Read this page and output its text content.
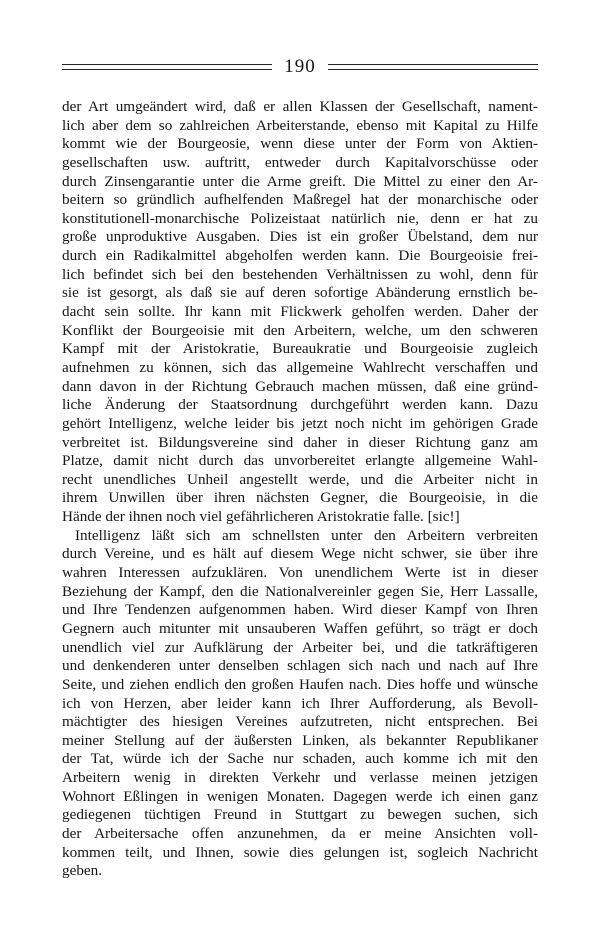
190
der Art umgeändert wird, daß er allen Klassen der Gesellschaft, nament-
lich aber dem so zahlreichen Arbeiterstande, ebenso mit Kapital zu Hilfe
kommt wie der Bourgeosie, wenn diese unter der Form von Aktien-
gesellschaften usw. auftritt, entweder durch Kapitalvorschüsse oder
durch Zinsengarantie unter die Arme greift. Die Mittel zu einer den Ar-
beitern so gründlich aufhelfenden Maßregel hat der monarchische oder
konstitutionell-monarchische Polizeistaat natürlich nie, denn er hat zu
große unproduktive Ausgaben. Dies ist ein großer Übelstand, dem nur
durch ein Radikalmittel abgeholfen werden kann. Die Bourgeoisie frei-
lich befindet sich bei den bestehenden Verhältnissen zu wohl, denn für
sie ist gesorgt, als daß sie auf deren sofortige Abänderung ernstlich be-
dacht sein sollte. Ihr kann mit Flickwerk geholfen werden. Daher der
Konflikt der Bourgeoisie mit den Arbeitern, welche, um den schweren
Kampf mit der Aristokratie, Bureaukratie und Bourgeoisie zugleich
aufnehmen zu können, sich das allgemeine Wahlrecht verschaffen und
dann davon in der Richtung Gebrauch machen müssen, daß eine gründ-
liche Änderung der Staatsordnung durchgeführt werden kann. Dazu
gehört Intelligenz, welche leider bis jetzt noch nicht im gehörigen Grade
verbreitet ist. Bildungsvereine sind daher in dieser Richtung ganz am
Platze, damit nicht durch das unvorbereitet erlangte allgemeine Wahl-
recht unendliches Unheil angestellt werde, und die Arbeiter nicht in
ihrem Unwillen über ihren nächsten Gegner, die Bourgeoisie, in die
Hände der ihnen noch viel gefährlicheren Aristokratie falle. [sic!]
Intelligenz läßt sich am schnellsten unter den Arbeitern verbreiten
durch Vereine, und es hält auf diesem Wege nicht schwer, sie über ihre
wahren Interessen aufzuklären. Von unendlichem Werte ist in dieser
Beziehung der Kampf, den die Nationalvereinler gegen Sie, Herr Lassalle,
und Ihre Tendenzen aufgenommen haben. Wird dieser Kampf von Ihren
Gegnern auch mitunter mit unsauberen Waffen geführt, so trägt er doch
unendlich viel zur Aufklärung der Arbeiter bei, und die tatkräftigeren
und denkenderen unter denselben schlagen sich nach und nach auf Ihre
Seite, und ziehen endlich den großen Haufen nach. Dies hoffe und wünsche
ich von Herzen, aber leider kann ich Ihrer Aufforderung, als Bevoll-
mächtigter des hiesigen Vereines aufzutreten, nicht entsprechen. Bei
meiner Stellung auf der äußersten Linken, als bekannter Republikaner
der Tat, würde ich der Sache nur schaden, auch komme ich mit den
Arbeitern wenig in direkten Verkehr und verlasse meinen jetzigen
Wohnort Eßlingen in wenigen Monaten. Dagegen werde ich einen ganz
gediegenen tüchtigen Freund in Stuttgart zu bewegen suchen, sich
der Arbeitersache offen anzunehmen, da er meine Ansichten voll-
kommen teilt, und Ihnen, sowie dies gelungen ist, sogleich Nachricht
geben.
